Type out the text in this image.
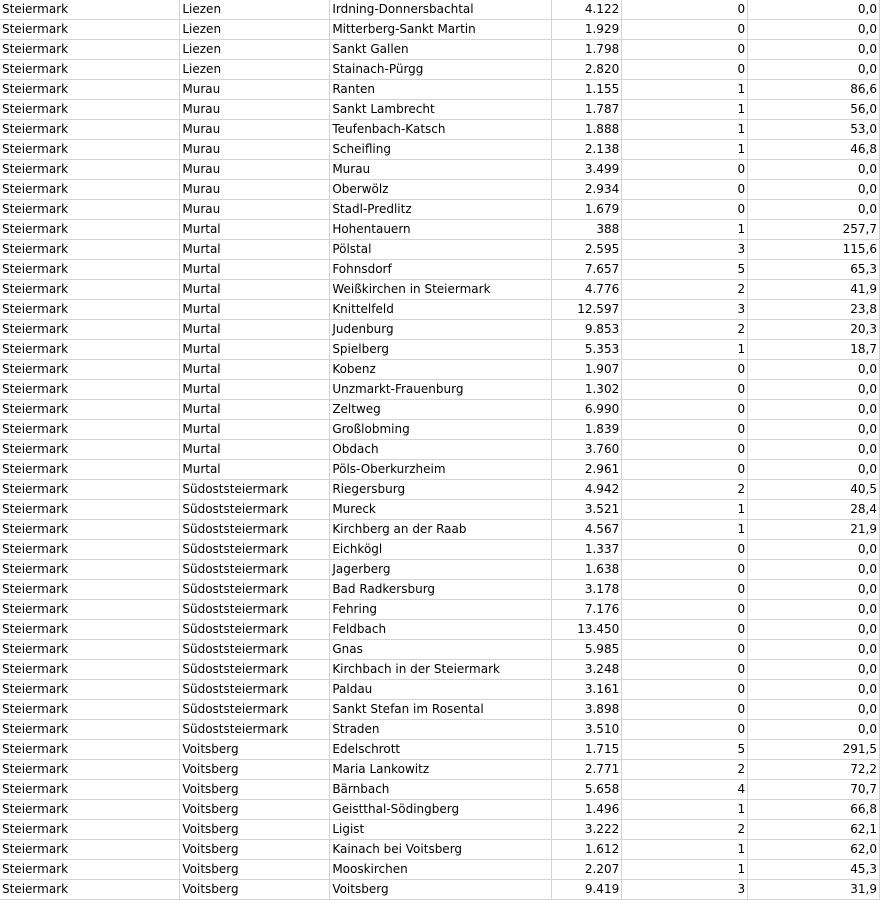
Steiermark	Liezen	Irdning-Donnersbachtal	4.122	0	0,0
Steiermark	Liezen	Mitterberg-Sankt Martin	1.929	0	0,0
Steiermark	Liezen	Sankt Gallen	1.798	0	0,0
Steiermark	Liezen	Stainach-Pürgg	2.820	0	0,0
Steiermark	Murau	Ranten	1.155	1	86,6
Steiermark	Murau	Sankt Lambrecht	1.787	1	56,0
Steiermark	Murau	Teufenbach-Katsch	1.888	1	53,0
Steiermark	Murau	Scheifling	2.138	1	46,8
Steiermark	Murau	Murau	3.499	0	0,0
Steiermark	Murau	Oberwölz	2.934	0	0,0
Steiermark	Murau	Stadl-Predlitz	1.679	0	0,0
Steiermark	Murtal	Hohentauern	388	1	257,7
Steiermark	Murtal	Pölstal	2.595	3	115,6
Steiermark	Murtal	Fohnsdorf	7.657	5	65,3
Steiermark	Murtal	Weißkirchen in Steiermark	4.776	2	41,9
Steiermark	Murtal	Knittelfeld	12.597	3	23,8
Steiermark	Murtal	Judenburg	9.853	2	20,3
Steiermark	Murtal	Spielberg	5.353	1	18,7
Steiermark	Murtal	Kobenz	1.907	0	0,0
Steiermark	Murtal	Unzmarkt-Frauenburg	1.302	0	0,0
Steiermark	Murtal	Zeltweg	6.990	0	0,0
Steiermark	Murtal	Großlobming	1.839	0	0,0
Steiermark	Murtal	Obdach	3.760	0	0,0
Steiermark	Murtal	Pöls-Oberkurzheim	2.961	0	0,0
Steiermark	Südoststeiermark	Riegersburg	4.942	2	40,5
Steiermark	Südoststeiermark	Mureck	3.521	1	28,4
Steiermark	Südoststeiermark	Kirchberg an der Raab	4.567	1	21,9
Steiermark	Südoststeiermark	Eichkögl	1.337	0	0,0
Steiermark	Südoststeiermark	Jagerberg	1.638	0	0,0
Steiermark	Südoststeiermark	Bad Radkersburg	3.178	0	0,0
Steiermark	Südoststeiermark	Fehring	7.176	0	0,0
Steiermark	Südoststeiermark	Feldbach	13.450	0	0,0
Steiermark	Südoststeiermark	Gnas	5.985	0	0,0
Steiermark	Südoststeiermark	Kirchbach in der Steiermark	3.248	0	0,0
Steiermark	Südoststeiermark	Paldau	3.161	0	0,0
Steiermark	Südoststeiermark	Sankt Stefan im Rosental	3.898	0	0,0
Steiermark	Südoststeiermark	Straden	3.510	0	0,0
Steiermark	Voitsberg	Edelschrott	1.715	5	291,5
Steiermark	Voitsberg	Maria Lankowitz	2.771	2	72,2
Steiermark	Voitsberg	Bärnbach	5.658	4	70,7
Steiermark	Voitsberg	Geistthal-Södingberg	1.496	1	66,8
Steiermark	Voitsberg	Ligist	3.222	2	62,1
Steiermark	Voitsberg	Kainach bei Voitsberg	1.612	1	62,0
Steiermark	Voitsberg	Mooskirchen	2.207	1	45,3
Steiermark	Voitsberg	Voitsberg	9.419	3	31,9
